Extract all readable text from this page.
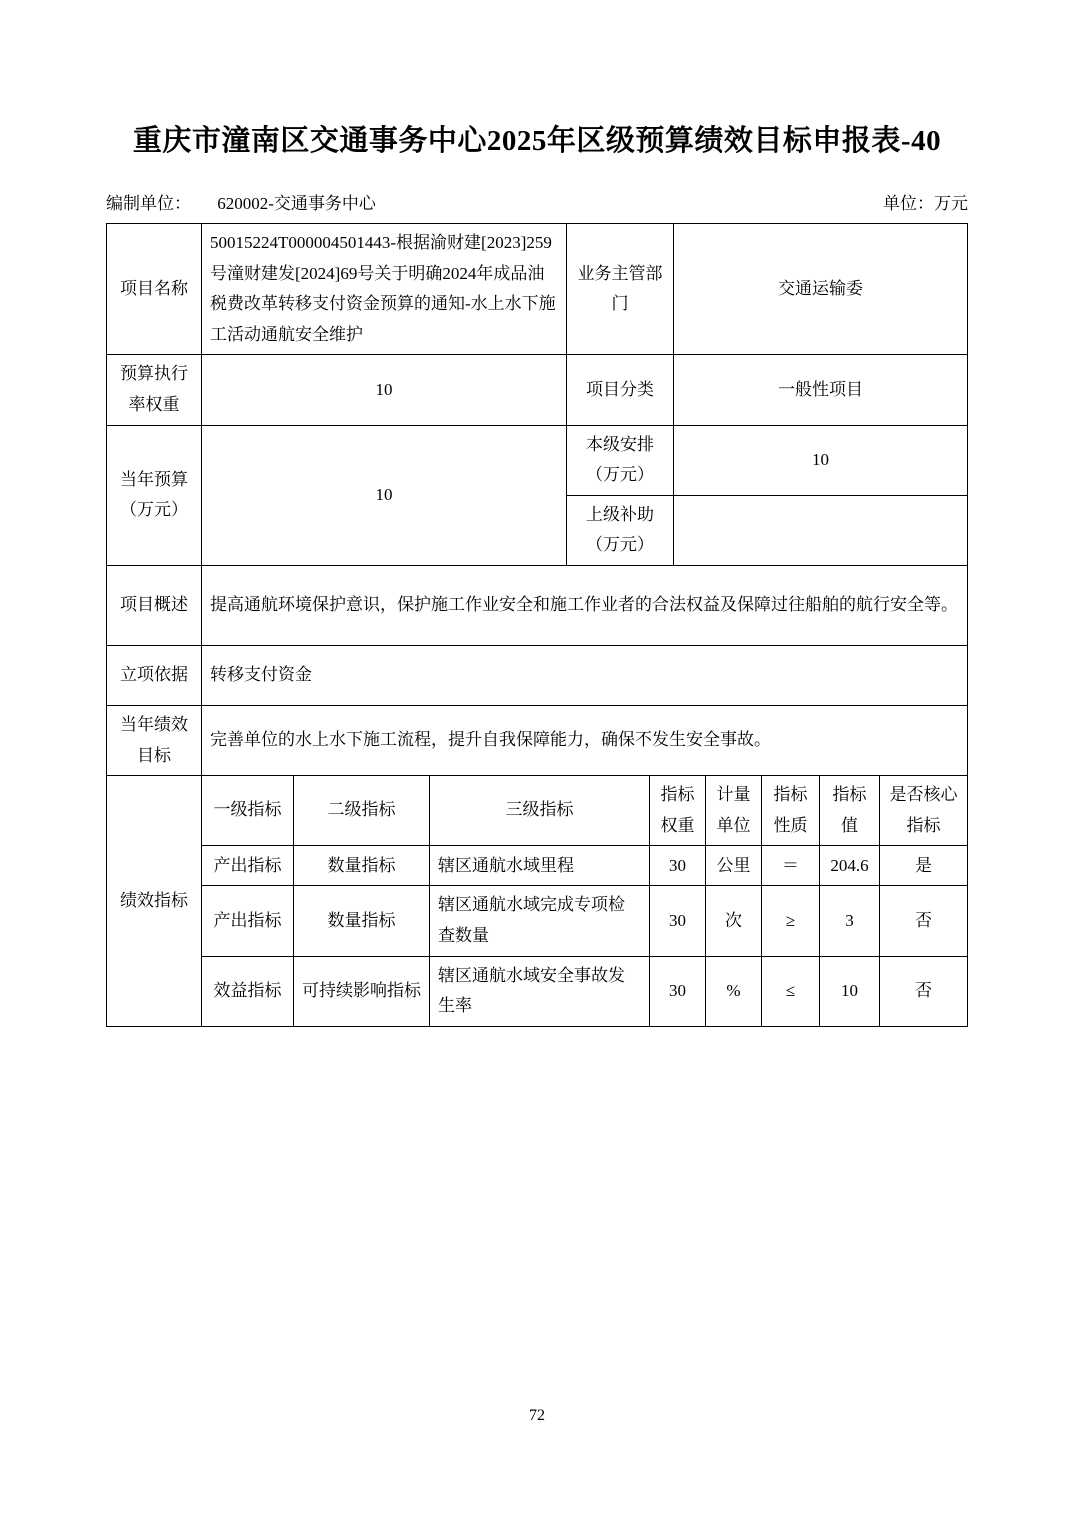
重庆市潼南区交通事务中心2025年区级预算绩效目标申报表-40
编制单位： 620002-交通事务中心	单位：万元
项目名称	50015224T000004501443-根据渝财建[2023]259号潼财建发[2024]69号关于明确2024年成品油税费改革转移支付资金预算的通知-水上水下施工活动通航安全维护	业务主管部门	交通运输委
预算执行率权重	10	项目分类	一般性项目
当年预算（万元）	10	本级安排（万元）	10
		上级补助（万元）	
项目概述	提高通航环境保护意识，保护施工作业安全和施工作业者的合法权益及保障过往船舶的航行安全等。		
立项依据	转移支付资金		
当年绩效目标	完善单位的水上水下施工流程，提升自我保障能力，确保不发生安全事故。		
绩效指标	一级指标	二级指标	三级指标	指标权重	计量单位	指标性质	指标值	是否核心指标
	产出指标	数量指标	辖区通航水域里程	30	公里	＝	204.6	是
	产出指标	数量指标	辖区通航水域完成专项检查数量	30	次	≥	3	否
	效益指标	可持续影响指标	辖区通航水域安全事故发生率	30	%	≤	10	否
72
